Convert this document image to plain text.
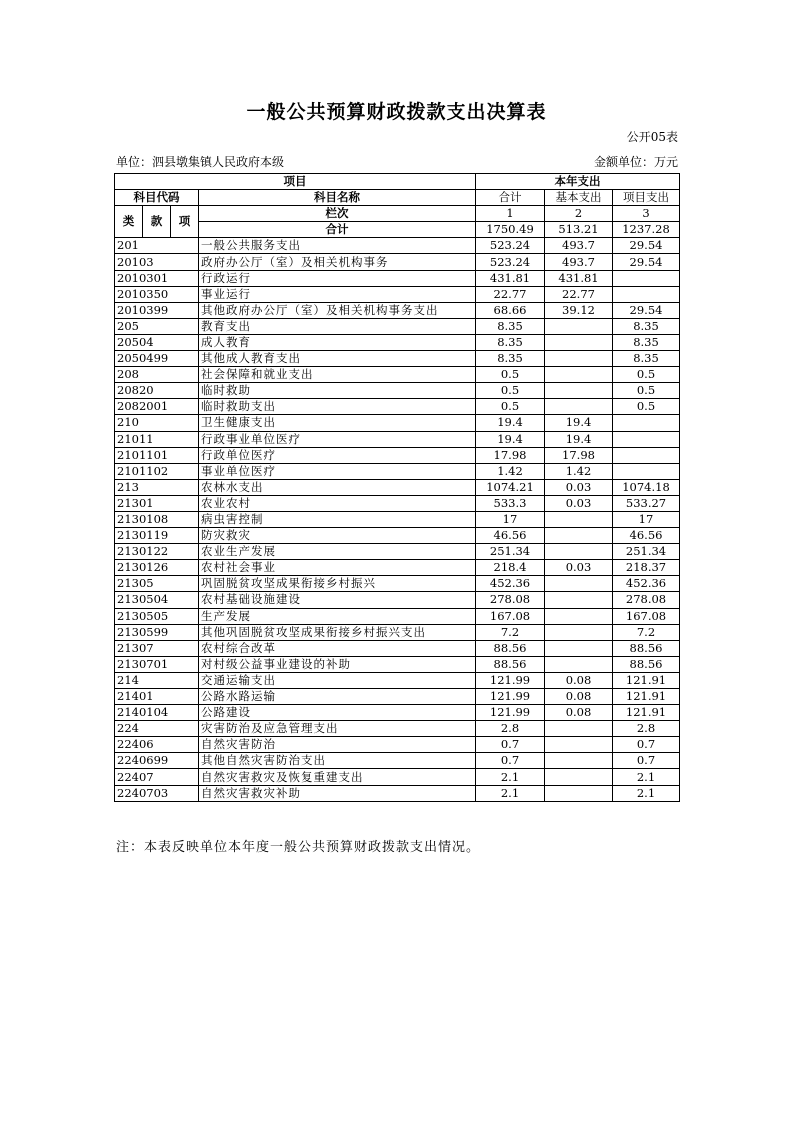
一般公共预算财政拨款支出决算表
公开05表
单位：泗县墩集镇人民政府本级	金额单位：万元
项目				本年支出		
科目代码			科目名称	合计	基本支出	项目支出
类	款	项	栏次	1	2	3
			合计	1750.49	513.21	1237.28
201			一般公共服务支出	523.24	493.7	29.54
20103			政府办公厅（室）及相关机构事务	523.24	493.7	29.54
2010301			行政运行	431.81	431.81	
2010350			事业运行	22.77	22.77	
2010399			其他政府办公厅（室）及相关机构事务支出	68.66	39.12	29.54
205			教育支出	8.35		8.35
20504			成人教育	8.35		8.35
2050499			其他成人教育支出	8.35		8.35
208			社会保障和就业支出	0.5		0.5
20820			临时救助	0.5		0.5
2082001			临时救助支出	0.5		0.5
210			卫生健康支出	19.4	19.4	
21011			行政事业单位医疗	19.4	19.4	
2101101			行政单位医疗	17.98	17.98	
2101102			事业单位医疗	1.42	1.42	
213			农林水支出	1074.21	0.03	1074.18
21301			农业农村	533.3	0.03	533.27
2130108			病虫害控制	17		17
2130119			防灾救灾	46.56		46.56
2130122			农业生产发展	251.34		251.34
2130126			农村社会事业	218.4	0.03	218.37
21305			巩固脱贫攻坚成果衔接乡村振兴	452.36		452.36
2130504			农村基础设施建设	278.08		278.08
2130505			生产发展	167.08		167.08
2130599			其他巩固脱贫攻坚成果衔接乡村振兴支出	7.2		7.2
21307			农村综合改革	88.56		88.56
2130701			对村级公益事业建设的补助	88.56		88.56
214			交通运输支出	121.99	0.08	121.91
21401			公路水路运输	121.99	0.08	121.91
2140104			公路建设	121.99	0.08	121.91
224			灾害防治及应急管理支出	2.8		2.8
22406			自然灾害防治	0.7		0.7
2240699			其他自然灾害防治支出	0.7		0.7
22407			自然灾害救灾及恢复重建支出	2.1		2.1
2240703			自然灾害救灾补助	2.1		2.1
注：本表反映单位本年度一般公共预算财政拨款支出情况。
